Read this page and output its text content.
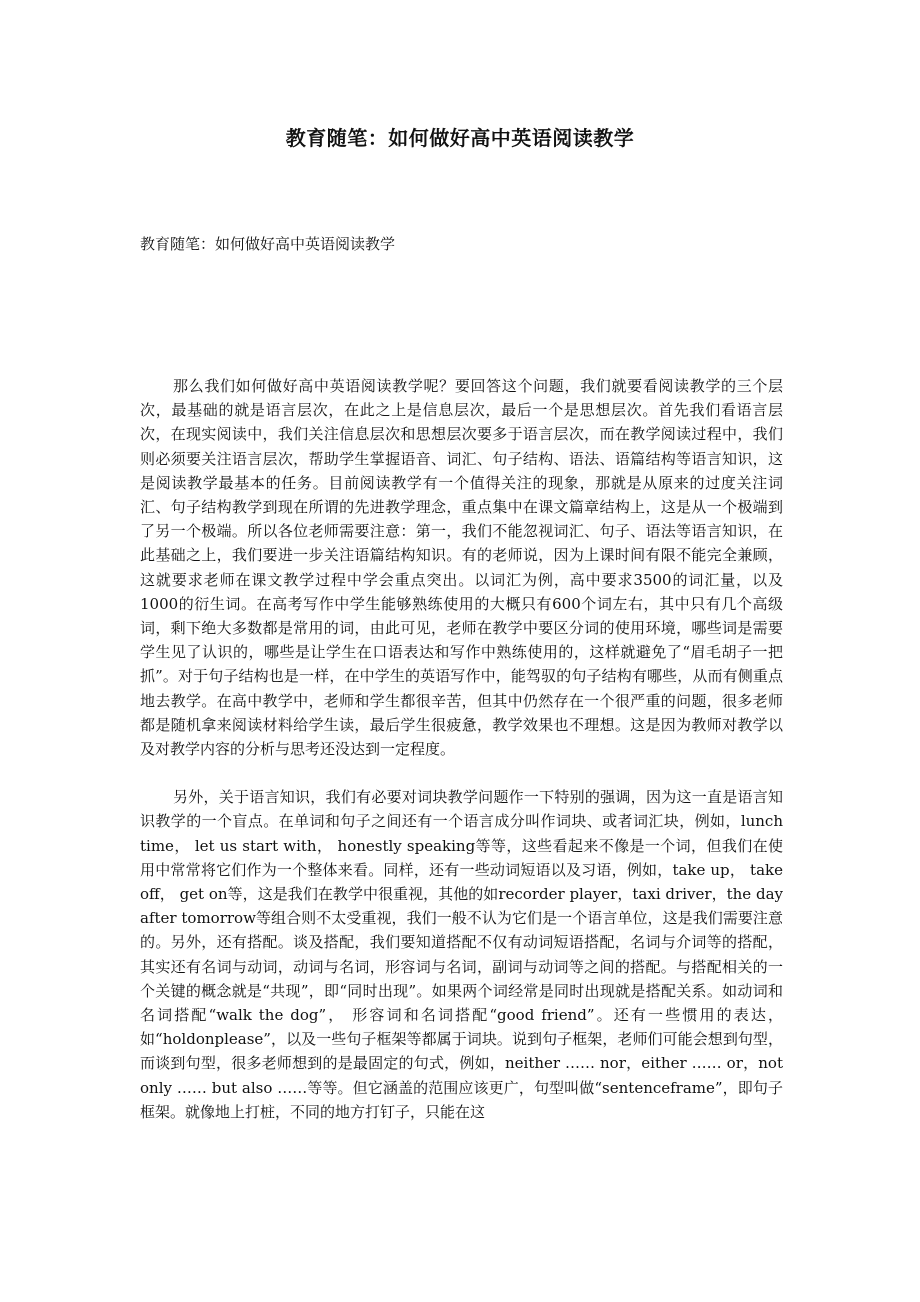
教育随笔：如何做好高中英语阅读教学
教育随笔：如何做好高中英语阅读教学

那么我们如何做好高中英语阅读教学呢？要回答这个问题，我们就要看阅读教学的三个层次，最基础的就是语言层次，在此之上是信息层次，最后一个是思想层次。首先我们看语言层次，在现实阅读中，我们关注信息层次和思想层次要多于语言层次，而在教学阅读过程中，我们则必须要关注语言层次，帮助学生掌握语音、词汇、句子结构、语法、语篇结构等语言知识，这是阅读教学最基本的任务。目前阅读教学有一个值得关注的现象，那就是从原来的过度关注词汇、句子结构教学到现在所谓的先进教学理念，重点集中在课文篇章结构上，这是从一个极端到了另一个极端。所以各位老师需要注意：第一，我们不能忽视词汇、句子、语法等语言知识，在此基础之上，我们要进一步关注语篇结构知识。有的老师说，因为上课时间有限不能完全兼顾，这就要求老师在课文教学过程中学会重点突出。以词汇为例，高中要求3500的词汇量，以及1000的衍生词。在高考写作中学生能够熟练使用的大概只有600个词左右，其中只有几个高级词，剩下绝大多数都是常用的词，由此可见，老师在教学中要区分词的使用环境，哪些词是需要学生见了认识的，哪些是让学生在口语表达和写作中熟练使用的，这样就避免了“眉毛胡子一把抓”。对于句子结构也是一样，在中学生的英语写作中，能驾驭的句子结构有哪些，从而有侧重点地去教学。在高中教学中，老师和学生都很辛苦，但其中仍然存在一个很严重的问题，很多老师都是随机拿来阅读材料给学生读，最后学生很疲惫，教学效果也不理想。这是因为教师对教学以及对教学内容的分析与思考还没达到一定程度。

另外，关于语言知识，我们有必要对词块教学问题作一下特别的强调，因为这一直是语言知识教学的一个盲点。在单词和句子之间还有一个语言成分叫作词块、或者词汇块，例如，lunch time， let us start with， honestly speaking等等，这些看起来不像是一个词，但我们在使用中常常将它们作为一个整体来看。同样，还有一些动词短语以及习语，例如，take up， take off， get on等，这是我们在教学中很重视，其他的如recorder player，taxi driver，the day after tomorrow等组合则不太受重视，我们一般不认为它们是一个语言单位，这是我们需要注意的。另外，还有搭配。谈及搭配，我们要知道搭配不仅有动词短语搭配，名词与介词等的搭配，其实还有名词与动词，动词与名词，形容词与名词，副词与动词等之间的搭配。与搭配相关的一个关键的概念就是“共现”，即“同时出现”。如果两个词经常是同时出现就是搭配关系。如动词和名词搭配“walk the dog”， 形容词和名词搭配“good friend”。还有一些惯用的表达，如“holdonplease”，以及一些句子框架等都属于词块。说到句子框架，老师们可能会想到句型，而谈到句型，很多老师想到的是最固定的句式，例如，neither …… nor，either …… or，not only …… but also ……等等。但它涵盖的范围应该更广，句型叫做“sentenceframe”，即句子框架。就像地上打桩，不同的地方打钉子，只能在这
